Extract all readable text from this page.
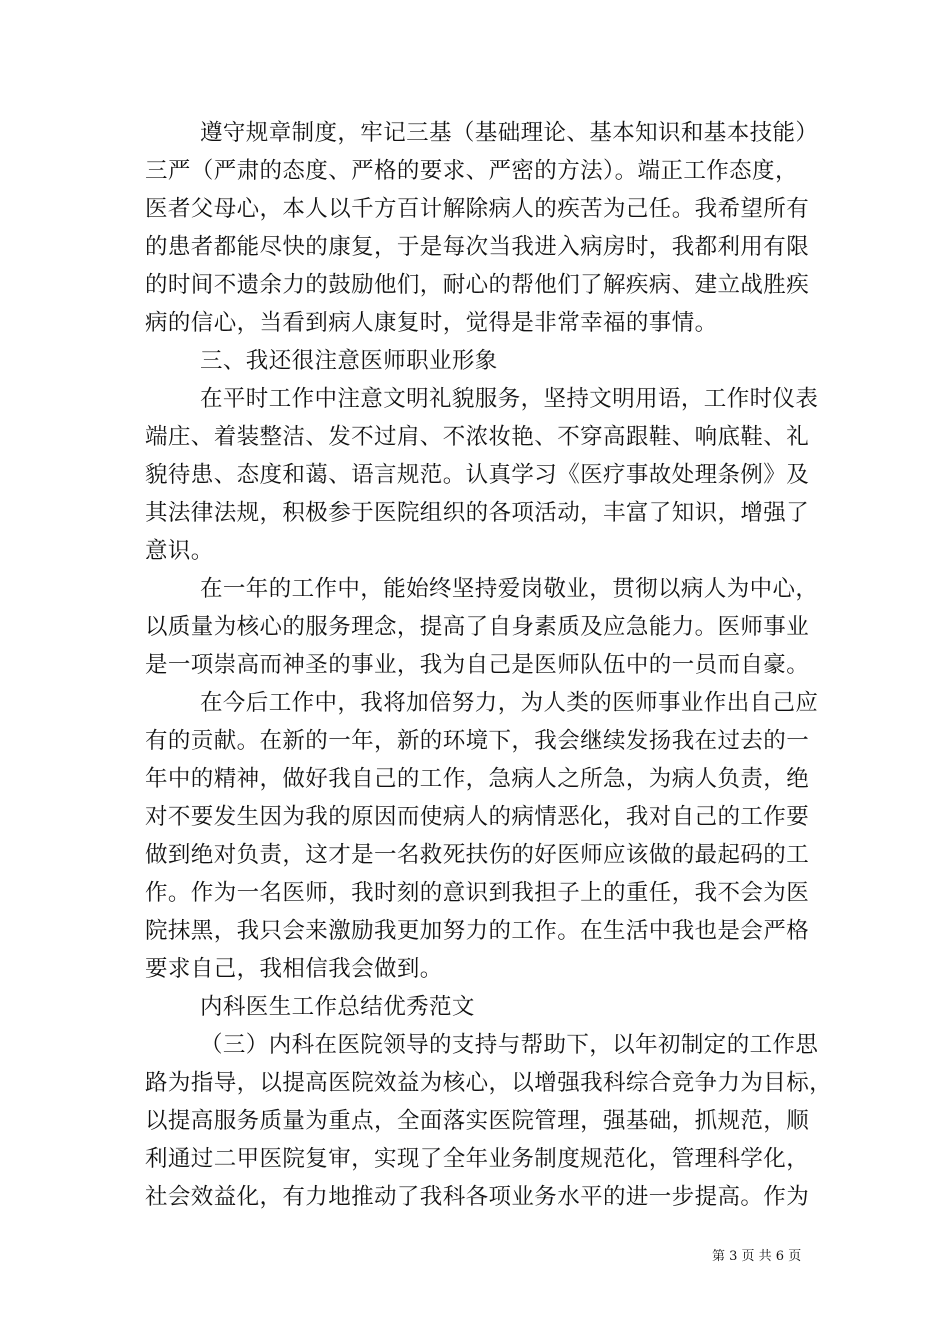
遵守规章制度，牢记三基（基础理论、基本知识和基本技能）
三严（严肃的态度、严格的要求、严密的方法）。端正工作态度，
医者父母心，本人以千方百计解除病人的疾苦为己任。我希望所有
的患者都能尽快的康复，于是每次当我进入病房时，我都利用有限
的时间不遗余力的鼓励他们，耐心的帮他们了解疾病、建立战胜疾
病的信心，当看到病人康复时，觉得是非常幸福的事情。
三、我还很注意医师职业形象
在平时工作中注意文明礼貌服务，坚持文明用语，工作时仪表
端庄、着装整洁、发不过肩、不浓妆艳、不穿高跟鞋、响底鞋、礼
貌待患、态度和蔼、语言规范。认真学习《医疗事故处理条例》及
其法律法规，积极参于医院组织的各项活动，丰富了知识，增强了
意识。
在一年的工作中，能始终坚持爱岗敬业，贯彻以病人为中心，
以质量为核心的服务理念，提高了自身素质及应急能力。医师事业
是一项崇高而神圣的事业，我为自己是医师队伍中的一员而自豪。
在今后工作中，我将加倍努力，为人类的医师事业作出自己应
有的贡献。在新的一年，新的环境下，我会继续发扬我在过去的一
年中的精神，做好我自己的工作，急病人之所急，为病人负责，绝
对不要发生因为我的原因而使病人的病情恶化，我对自己的工作要
做到绝对负责，这才是一名救死扶伤的好医师应该做的最起码的工
作。作为一名医师，我时刻的意识到我担子上的重任，我不会为医
院抹黑，我只会来激励我更加努力的工作。在生活中我也是会严格
要求自己，我相信我会做到。
内科医生工作总结优秀范文
（三）内科在医院领导的支持与帮助下，以年初制定的工作思
路为指导，以提高医院效益为核心，以增强我科综合竞争力为目标，
以提高服务质量为重点，全面落实医院管理，强基础，抓规范，顺
利通过二甲医院复审，实现了全年业务制度规范化，管理科学化，
社会效益化，有力地推动了我科各项业务水平的进一步提高。作为
第 3 页 共 6 页
